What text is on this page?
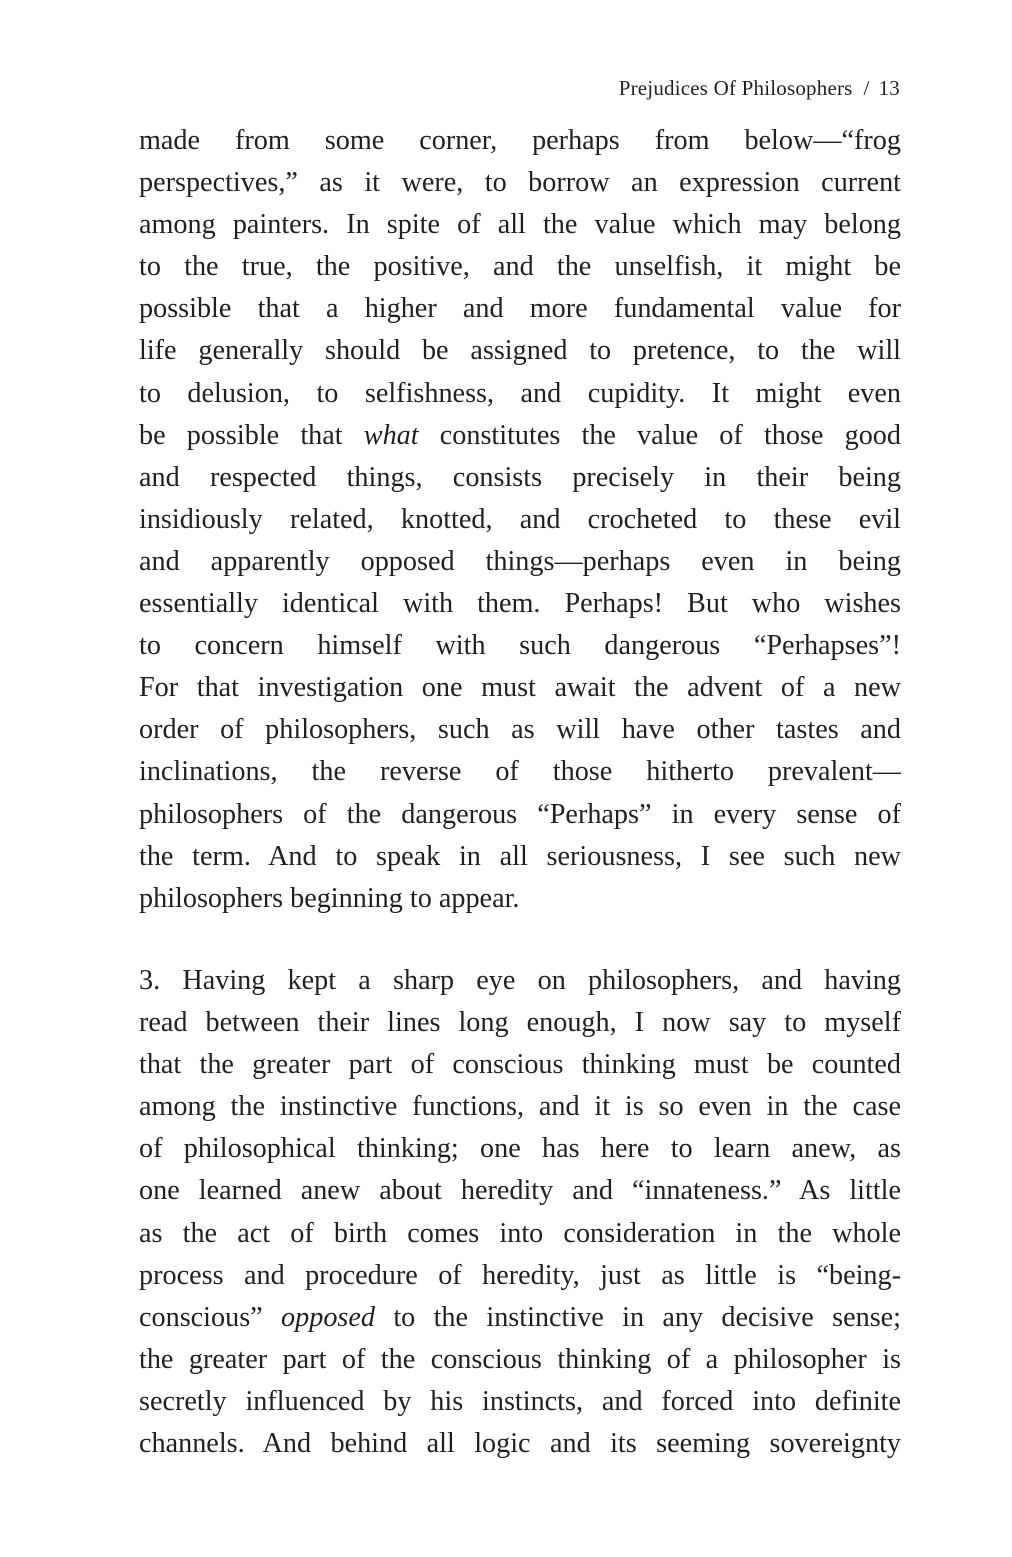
Prejudices Of Philosophers / 13
made from some corner, perhaps from below—“frog
perspectives,” as it were, to borrow an expression current
among painters. In spite of all the value which may belong
to the true, the positive, and the unselfish, it might be
possible that a higher and more fundamental value for
life generally should be assigned to pretence, to the will
to delusion, to selfishness, and cupidity. It might even
be possible that what constitutes the value of those good
and respected things, consists precisely in their being
insidiously related, knotted, and crocheted to these evil
and apparently opposed things—perhaps even in being
essentially identical with them. Perhaps! But who wishes
to concern himself with such dangerous “Perhapses”!
For that investigation one must await the advent of a new
order of philosophers, such as will have other tastes and
inclinations, the reverse of those hitherto prevalent—
philosophers of the dangerous “Perhaps” in every sense of
the term. And to speak in all seriousness, I see such new
philosophers beginning to appear.
3. Having kept a sharp eye on philosophers, and having
read between their lines long enough, I now say to myself
that the greater part of conscious thinking must be counted
among the instinctive functions, and it is so even in the case
of philosophical thinking; one has here to learn anew, as
one learned anew about heredity and “innateness.” As little
as the act of birth comes into consideration in the whole
process and procedure of heredity, just as little is “being-
conscious” opposed to the instinctive in any decisive sense;
the greater part of the conscious thinking of a philosopher is
secretly influenced by his instincts, and forced into definite
channels. And behind all logic and its seeming sovereignty
